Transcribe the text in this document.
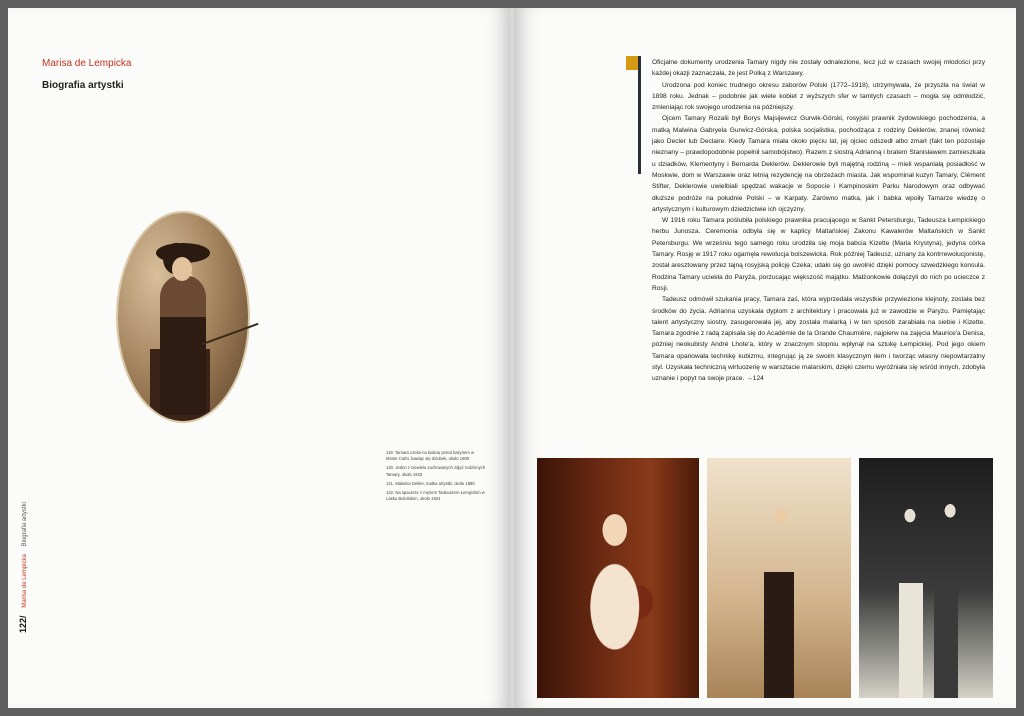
Marisa de Lempicka
Biografia artystki
119. Tamara czeka na babcię przed kasynem w Monte Carlo, bawiąc się dziobek, około 1900
120. Jedno z niewielu zachowanych zdjęć rodzinnych Tamary, około 1923
121. Malwina Dekler, matka artystki, około 1880
122. Na spacerze z mężem Tadeuszem Łempickim w Lasku Bulońskim, około 1924
122/ Marisa de Lempicka Biografia artystki

Oficjalne dokumenty urodzenia Tamary nigdy nie zostały odnalezione, lecz już w czasach swojej młodości przy każdej okazji zaznaczała, że jest Polką z Warszawy.

Urodzona pod koniec trudnego okresu zaborów Polski (1772–1918), utrzymywała, że przyszła na świat w 1898 roku. Jednak – podobnie jak wiele kobiet z wyższych sfer w tamtych czasach – mogła się odmłodzić, zmieniając rok swojego urodzenia na późniejszy.

Ojcem Tamary Rozalii był Borys Majsijewicz Gurwik-Górski, rosyjski prawnik żydowskiego pochodzenia, a matką Malwina Gabryela Gurwicz-Górska, polska socjalistka, pochodząca z rodziny Deklerów, znanej również jako Decler lub Declaire. Kiedy Tamara miała około pięciu lat, jej ojciec odszedł albo zmarł (fakt ten pozostaje nieznany – prawdopodobnie popełnił samobójstwo). Razem z siostrą Adrianną i bratem Stanisławem zamieszkała u dziadków, Klementyny i Bernarda Deklerów. Deklerowie byli majętną rodziną – mieli wspaniałą posiadłość w Moskwie, dom w Warszawie oraz letnią rezydencję na obrzeżach miasta. Jak wspominał kuzyn Tamary, Clément Stifter, Deklerowie uwielbiali spędzać wakacje w Sopocie i Kampinoskim Parku Narodowym oraz odbywać dłuższe podróże na południe Polski – w Karpaty. Zarówno matka, jak i babka wpoiły Tamarze wiedzę o artystycznym i kulturowym dziedzictwie ich ojczyzny.

W 1916 roku Tamara poślubiła polskiego prawnika pracującego w Sankt Petersburgu, Tadeusza Łempickiego herbu Junosza. Ceremonia odbyła się w kaplicy Maltańskiej Zakonu Kawalerów Maltańskich w Sankt Petersburgu. We wrześniu tego samego roku urodziła się moja babcia Kizette (Maria Krystyna), jedyna córka Tamary. Rosję w 1917 roku ogarnęła rewolucja bolszewicka. Rok później Tadeusz, uznany za kontrrewolucjonistę, został aresztowany przez tajną rosyjską policję Czeka; udało się go uwolnić dzięki pomocy szwedzkiego konsula. Rodzina Tamary uciekła do Paryża, porzucając większość majątku. Małżonkowie dołączyli do nich po ucieczce z Rosji.

Tadeusz odmówił szukania pracy, Tamara zaś, która wyprzedała wszystkie przywiezione klejnoty, została bez środków do życia. Adrianna uzyskała dyplom z architektury i pracowała już w zawodzie w Paryżu. Pamiętając talent artystyczny siostry, zasugerowała jej, aby została malarką i w ten sposób zarabiała na siebie i Kizette. Tamara zgodnie z radą zapisała się do Académie de la Grande Chaumière, najpierw na zajęcia Maurice'a Denisa, później neokubisty André Lhote'a, który w znacznym stopniu wpłynął na sztukę Łempickiej. Pod jego okiem Tamara opanowała technikę kubizmu, integrując ją ze swoim klasycznym iłem i tworząc własny niepowtarzalny styl. Uzyskała techniczną wirtuozerię w warsztacie malarskim, dzięki czemu wyróżniała się wśród innych, zdobyła uznanie i popyt na swoje prace. →124
